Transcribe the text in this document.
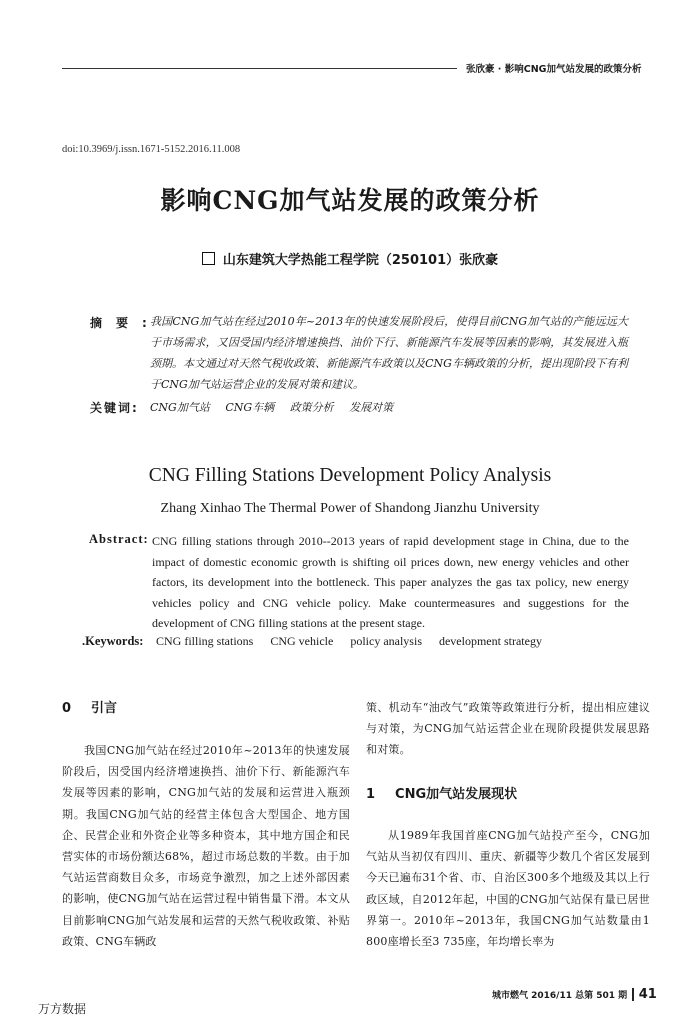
张欣豪 · 影响CNG加气站发展的政策分析
doi:10.3969/j.issn.1671-5152.2016.11.008
影响CNG加气站发展的政策分析
山东建筑大学热能工程学院（250101）张欣豪
摘要:
我国CNG加气站在经过2010年~2013年的快速发展阶段后，使得目前CNG加气站的产能远远大于市场需求，又因受国内经济增速换挡、油价下行、新能源汽车发展等因素的影响，其发展进入瓶颈期。本文通过对天然气税收政策、新能源汽车政策以及CNG车辆政策的分析，提出现阶段下有利于CNG加气站运营企业的发展对策和建议。
关键词: CNG加气站 CNG车辆 政策分析 发展对策
CNG Filling Stations Development Policy Analysis
Zhang Xinhao The Thermal Power of Shandong Jianzhu University
Abstract: CNG filling stations through 2010--2013 years of rapid development stage in China, due to the impact of domestic economic growth is shifting oil prices down, new energy vehicles and other factors, its development into the bottleneck. This paper analyzes the gas tax policy, new energy vehicles policy and CNG vehicle policy. Make countermeasures and suggestions for the development of CNG filling stations at the present stage.
.Keywords: CNG filling stations CNG vehicle policy analysis development strategy
0 引言

我国CNG加气站在经过2010年~2013年的快速发展阶段后，因受国内经济增速换挡、油价下行、新能源汽车发展等因素的影响，CNG加气站的发展和运营进入瓶颈期。我国CNG加气站的经营主体包含大型国企、地方国企、民营企业和外资企业等多种资本，其中地方国企和民营实体的市场份额达68%，超过市场总数的半数。由于加气站运营商数目众多，市场竞争激烈，加之上述外部因素的影响，使CNG加气站在运营过程中销售量下滑。本文从目前影响CNG加气站发展和运营的天然气税收政策、补贴政策、CNG车辆政

策、机动车“油改气”政策等政策进行分析，提出相应建议与对策，为CNG加气站运营企业在现阶段提供发展思路和对策。

1 CNG加气站发展现状

从1989年我国首座CNG加气站投产至今，CNG加气站从当初仅有四川、重庆、新疆等少数几个省区发展到今天已遍布31个省、市、自治区300多个地级及其以上行政区域，自2012年起，中国的CNG加气站保有量已居世界第一。2010年~2013年，我国CNG加气站数量由1 800座增长至3 735座，年均增长率为

城市燃气 2016/11 总第 501 期 41
万方数据
